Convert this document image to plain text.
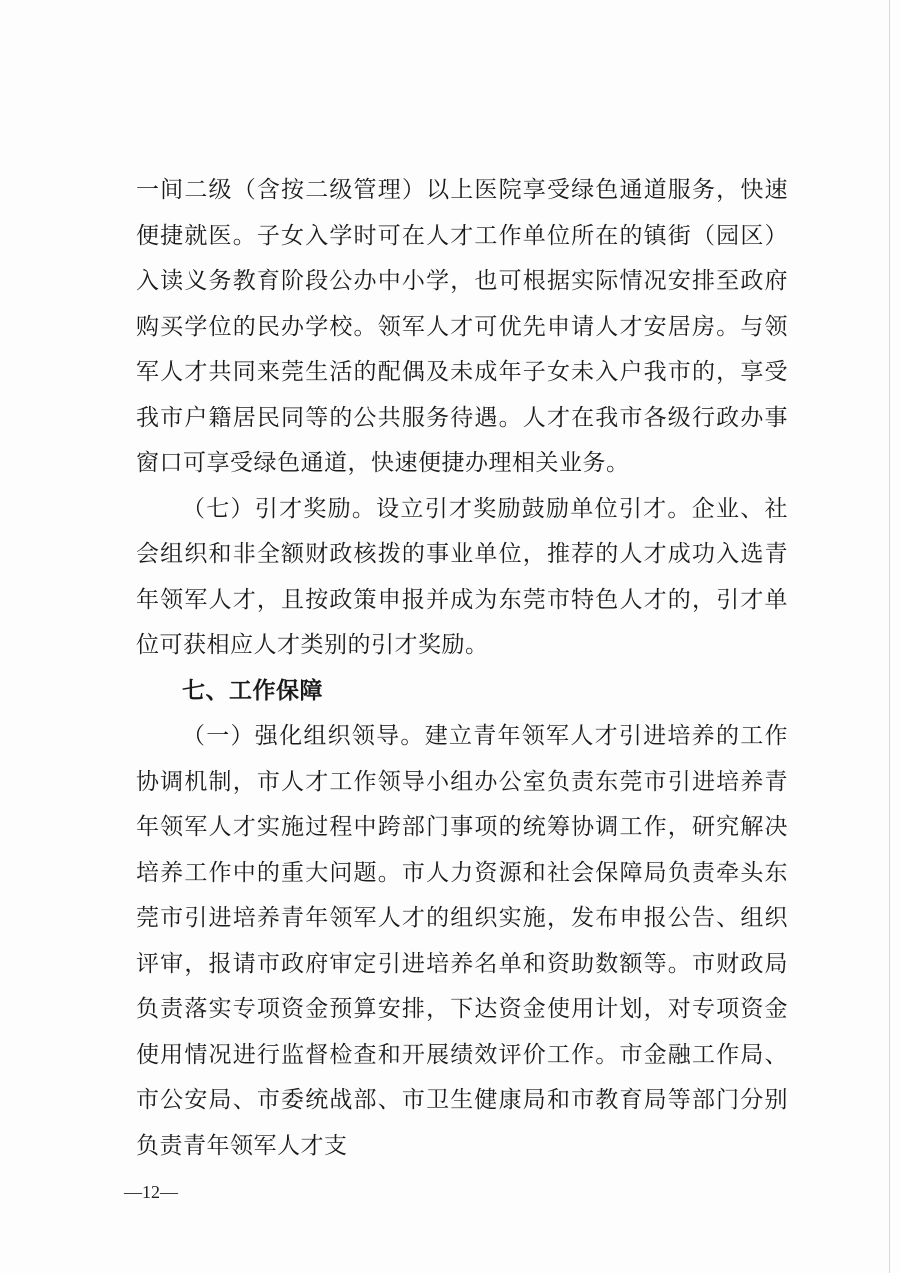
一间二级（含按二级管理）以上医院享受绿色通道服务，快速便捷就医。子女入学时可在人才工作单位所在的镇街（园区）入读义务教育阶段公办中小学，也可根据实际情况安排至政府购买学位的民办学校。领军人才可优先申请人才安居房。与领军人才共同来莞生活的配偶及未成年子女未入户我市的，享受我市户籍居民同等的公共服务待遇。人才在我市各级行政办事窗口可享受绿色通道，快速便捷办理相关业务。

（七）引才奖励。设立引才奖励鼓励单位引才。企业、社会组织和非全额财政核拨的事业单位，推荐的人才成功入选青年领军人才，且按政策申报并成为东莞市特色人才的，引才单位可获相应人才类别的引才奖励。

七、工作保障

（一）强化组织领导。建立青年领军人才引进培养的工作协调机制，市人才工作领导小组办公室负责东莞市引进培养青年领军人才实施过程中跨部门事项的统筹协调工作，研究解决培养工作中的重大问题。市人力资源和社会保障局负责牵头东莞市引进培养青年领军人才的组织实施，发布申报公告、组织评审，报请市政府审定引进培养名单和资助数额等。市财政局负责落实专项资金预算安排，下达资金使用计划，对专项资金使用情况进行监督检查和开展绩效评价工作。市金融工作局、市公安局、市委统战部、市卫生健康局和市教育局等部门分别负责青年领军人才支

—12—
